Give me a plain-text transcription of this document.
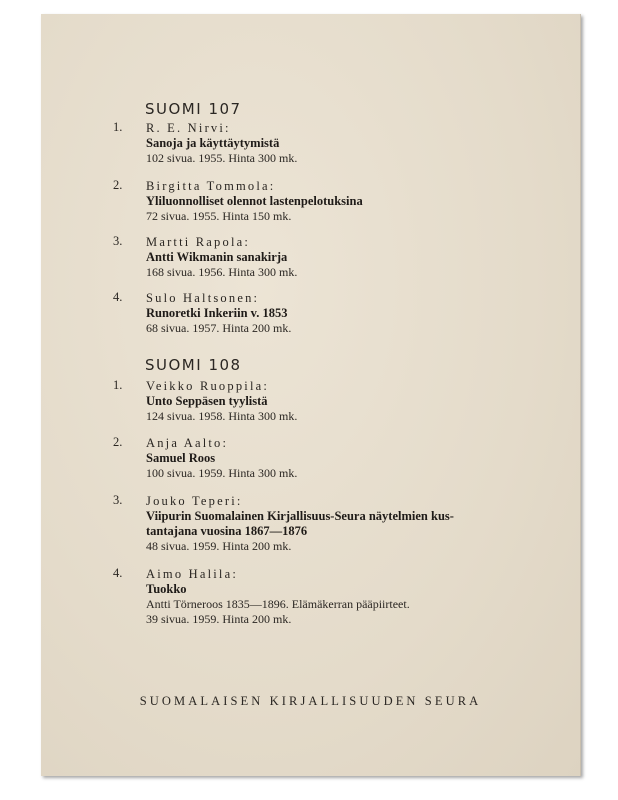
SUOMI 107
1. R. E. Nirvi:
Sanoja ja käyttäytymistä
102 sivua. 1955. Hinta 300 mk.
2. Birgitta Tommola:
Yliluonnolliset olennot lastenpelotuksina
72 sivua. 1955. Hinta 150 mk.
3. Martti Rapola:
Antti Wikmanin sanakirja
168 sivua. 1956. Hinta 300 mk.
4. Sulo Haltsonen:
Runoretki Inkeriin v. 1853
68 sivua. 1957. Hinta 200 mk.
SUOMI 108
1. Veikko Ruoppila:
Unto Seppäsen tyylistä
124 sivua. 1958. Hinta 300 mk.
2. Anja Aalto:
Samuel Roos
100 sivua. 1959. Hinta 300 mk.
3. Jouko Teperi:
Viipurin Suomalainen Kirjallisuus-Seura näytelmien kus-
tantajana vuosina 1867—1876
48 sivua. 1959. Hinta 200 mk.
4. Aimo Halila:
Tuokko
Antti Törneroos 1835—1896. Elämäkerran pääpiirteet.
39 sivua. 1959. Hinta 200 mk.
SUOMALAISEN KIRJALLISUUDEN SEURA
